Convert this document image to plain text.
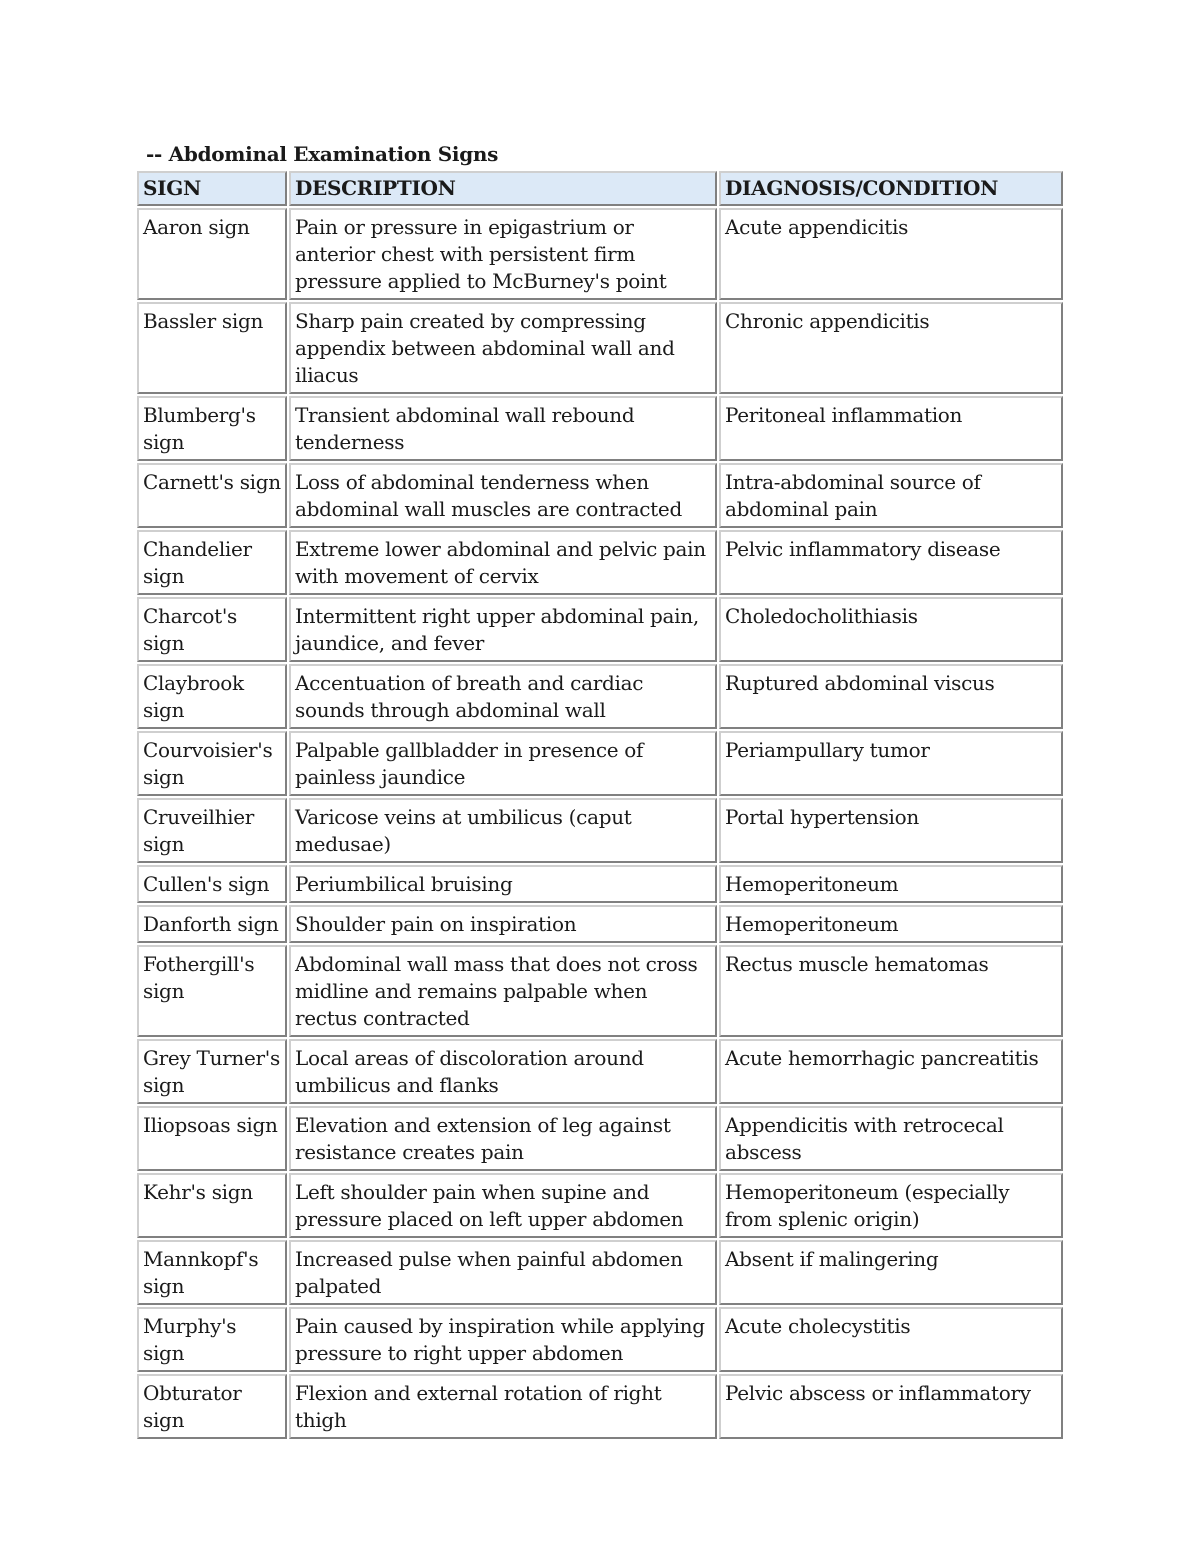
-- Abdominal Examination Signs
SIGN	DESCRIPTION	DIAGNOSIS/CONDITION
Aaron sign	Pain or pressure in epigastrium or anterior chest with persistent firm pressure applied to McBurney's point	Acute appendicitis
Bassler sign	Sharp pain created by compressing appendix between abdominal wall and iliacus	Chronic appendicitis
Blumberg's sign	Transient abdominal wall rebound tenderness	Peritoneal inflammation
Carnett's sign	Loss of abdominal tenderness when abdominal wall muscles are contracted	Intra-abdominal source of abdominal pain
Chandelier sign	Extreme lower abdominal and pelvic pain with movement of cervix	Pelvic inflammatory disease
Charcot's sign	Intermittent right upper abdominal pain, jaundice, and fever	Choledocholithiasis
Claybrook sign	Accentuation of breath and cardiac sounds through abdominal wall	Ruptured abdominal viscus
Courvoisier's sign	Palpable gallbladder in presence of painless jaundice	Periampullary tumor
Cruveilhier sign	Varicose veins at umbilicus (caput medusae)	Portal hypertension
Cullen's sign	Periumbilical bruising	Hemoperitoneum
Danforth sign	Shoulder pain on inspiration	Hemoperitoneum
Fothergill's sign	Abdominal wall mass that does not cross midline and remains palpable when rectus contracted	Rectus muscle hematomas
Grey Turner's sign	Local areas of discoloration around umbilicus and flanks	Acute hemorrhagic pancreatitis
Iliopsoas sign	Elevation and extension of leg against resistance creates pain	Appendicitis with retrocecal abscess
Kehr's sign	Left shoulder pain when supine and pressure placed on left upper abdomen	Hemoperitoneum (especially from splenic origin)
Mannkopf's sign	Increased pulse when painful abdomen palpated	Absent if malingering
Murphy's sign	Pain caused by inspiration while applying pressure to right upper abdomen	Acute cholecystitis
Obturator sign	Flexion and external rotation of right thigh	Pelvic abscess or inflammatory
